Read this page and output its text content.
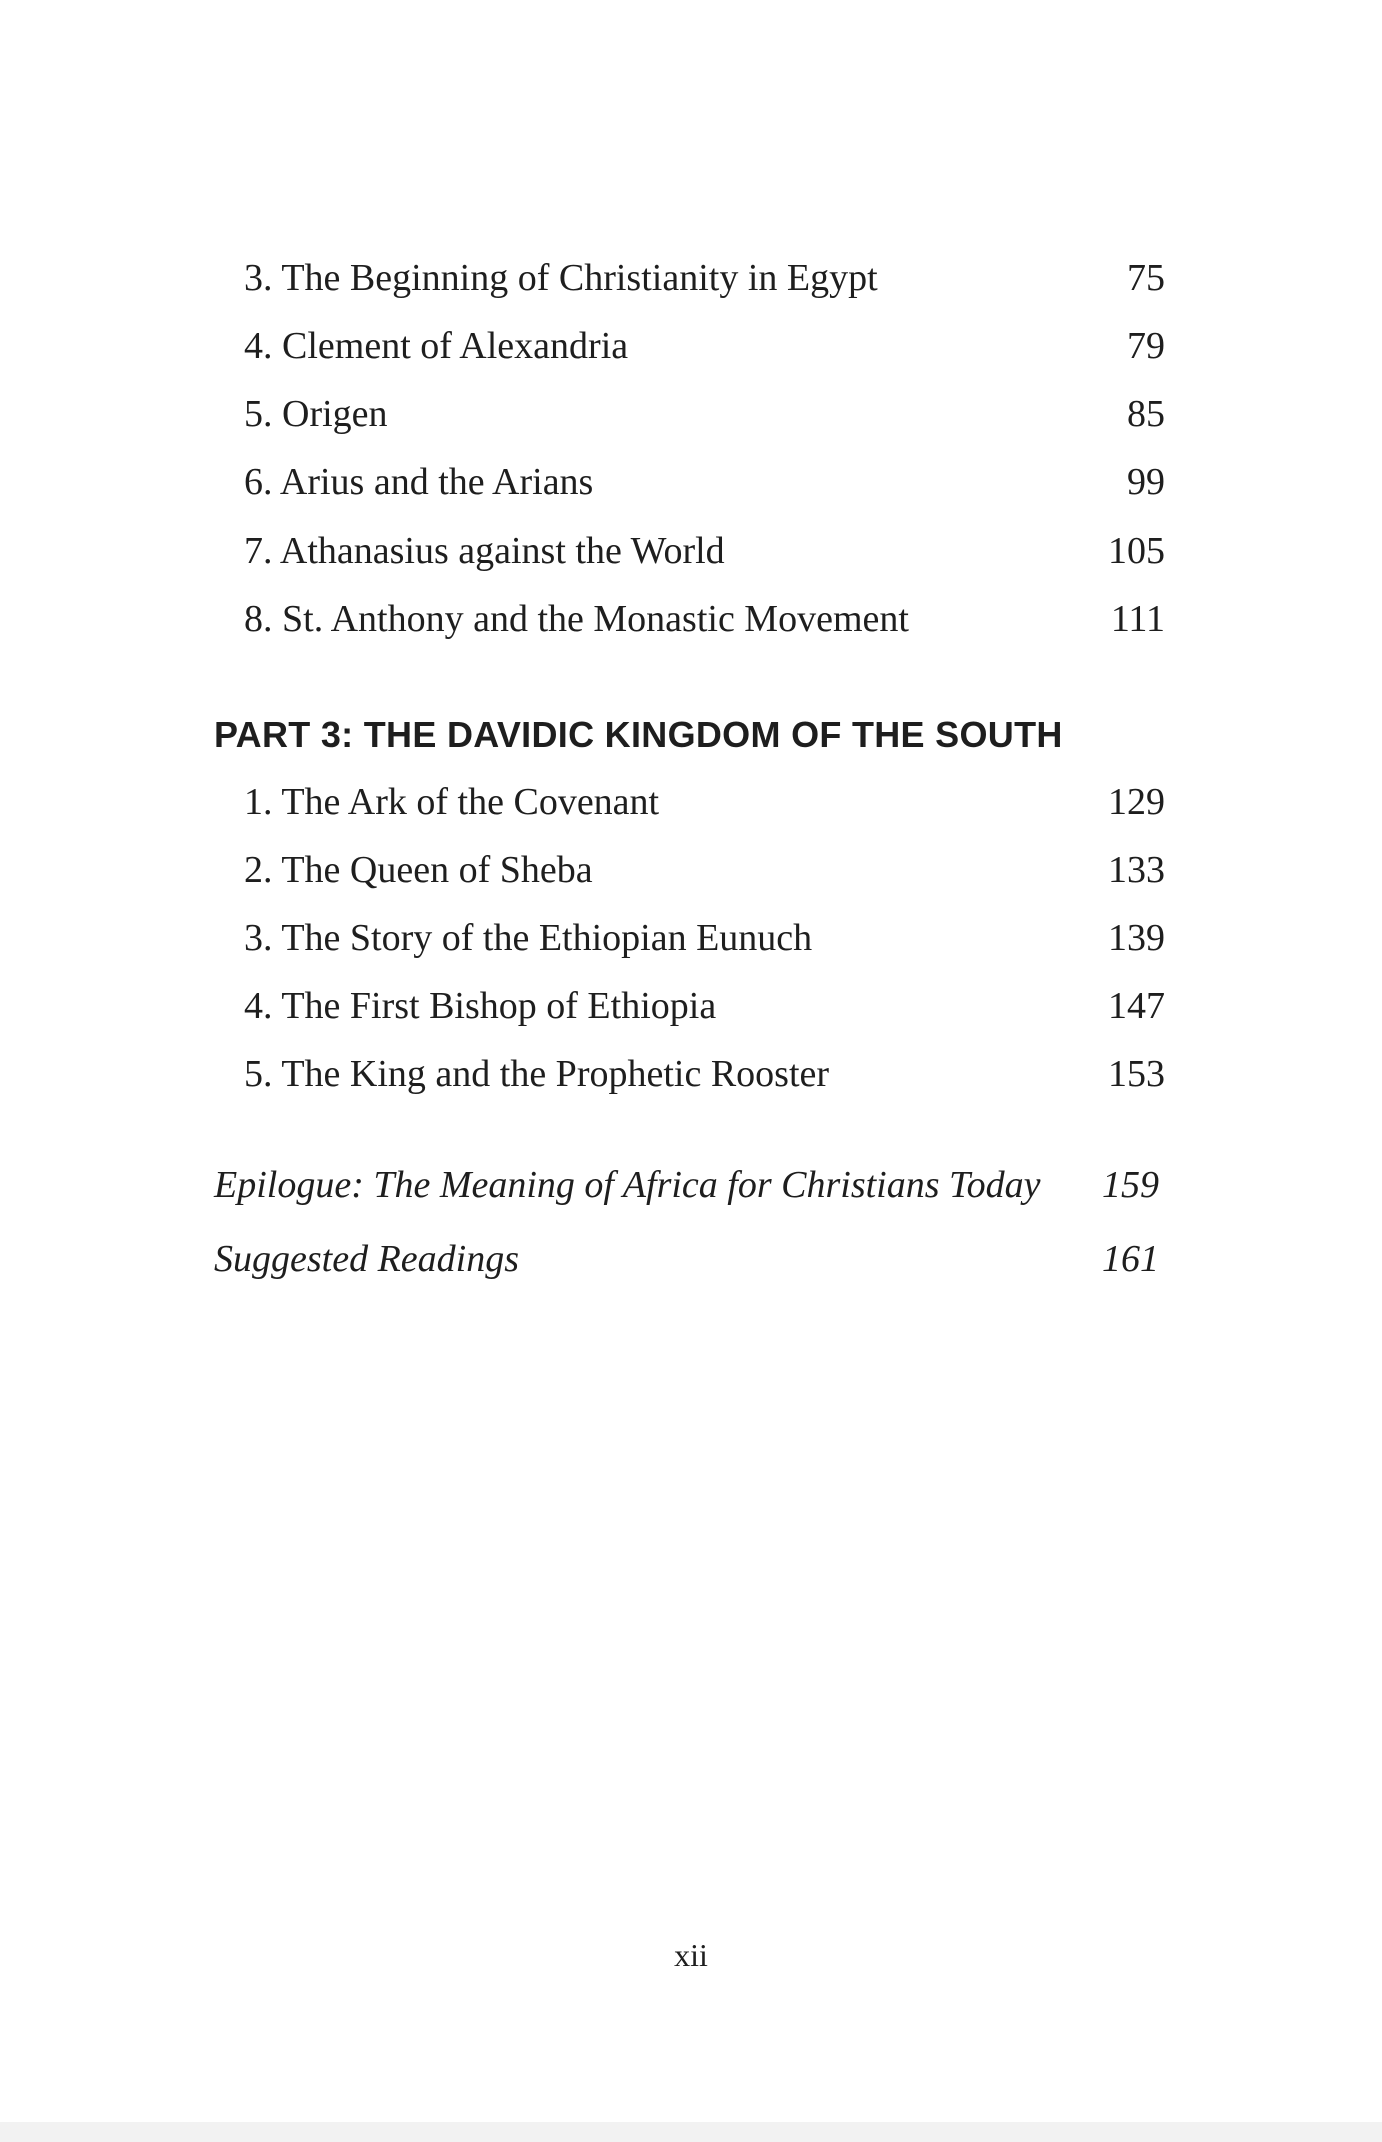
3. The Beginning of Christianity in Egypt	75
4. Clement of Alexandria	79
5. Origen	85
6. Arius and the Arians	99
7. Athanasius against the World	105
8. St. Anthony and the Monastic Movement	111
PART 3: THE DAVIDIC KINGDOM OF THE SOUTH
1. The Ark of the Covenant	129
2. The Queen of Sheba	133
3. The Story of the Ethiopian Eunuch	139
4. The First Bishop of Ethiopia	147
5. The King and the Prophetic Rooster	153
Epilogue: The Meaning of Africa for Christians Today 159
Suggested Readings	161
xii
